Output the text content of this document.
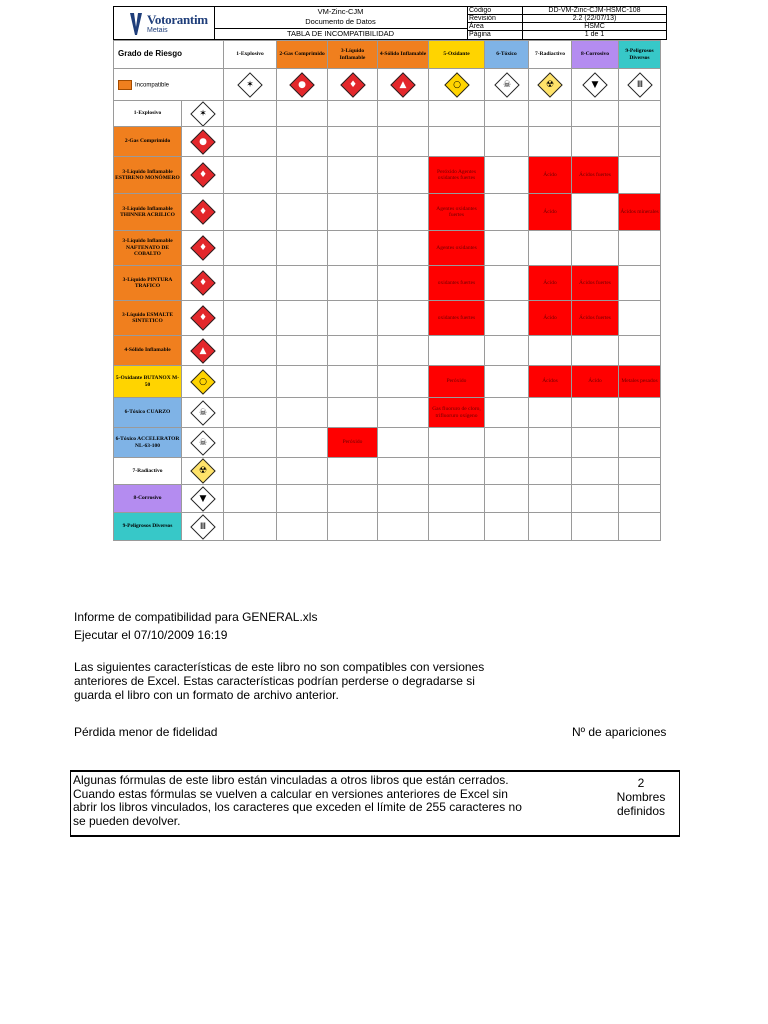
Votorantim
Metais
VM-Zinc-CJM
Documento de Datos
TABLA DE INCOMPATIBILIDAD
Código	DD-VM-Zinc-CJM-HSMC-108
Revisión	2.2 (22/07/13)
Área	HSMC
Página	1 de 1
Grado de Riesgo		1-Explosivo	2-Gas Comprimido	3-Líquido Inflamable	4-Sólido Inflamable	5-Oxidante	6-Tóxico	7-Radiactivo	8-Corrosivo	9-Peligrosos Diversos
Incompatible		✶	●	♦	▲	○	☠	☢	▼	Ⅲ

1-Explosivo	✶									

2-Gas Comprimido	●									

3-Líquido Inflamable ESTIRENO MONÓMERO	♦					Peróxido Agentes oxidantes fuertes		Ácido	Ácidos fuertes	
3-Líquido Inflamable THINNER ACRILICO	♦					Agentes oxidantes fuertes		Ácido		Ácidos minerales
3-Líquido Inflamable NAFTENATO DE COBALTO	♦					Agentes oxidantes				
3-Líquido PINTURA TRAFICO	♦					oxidantes fuertes		Ácido	Ácidos fuertes	
3-Líquido ESMALTE SINTETICO	♦					oxidantes fuertes		Ácido	Ácidos fuertes	
4-Sólido Inflamable	▲									

5-Oxidante BUTANOX M-50	○					Peróxido		Ácidos	Ácido	Metales pesados
6-Tóxico CUARZO	☠					Gas fluoruro de cloro, trifluoruro oxígeno				
6-Tóxico ACCELERATOR NL-63-100	☠			Peróxido						
7-Radiactivo	☢									

8-Corrosivo	▼									

9-Peligrosos Diversos	Ⅲ									

Informe de compatibilidad para GENERAL.xls
Ejecutar el 07/10/2009 16:19
Las siguientes características de este libro no son compatibles con versiones anteriores de Excel. Estas características podrían perderse o degradarse si guarda el libro con un formato de archivo anterior.
Pérdida menor de fidelidad	Nº de apariciones
Algunas fórmulas de este libro están vinculadas a otros libros que están cerrados. Cuando estas fórmulas se vuelven a calcular en versiones anteriores de Excel sin abrir los libros vinculados, los caracteres que exceden el límite de 255 caracteres no se pueden devolver.
2
Nombres definidos
